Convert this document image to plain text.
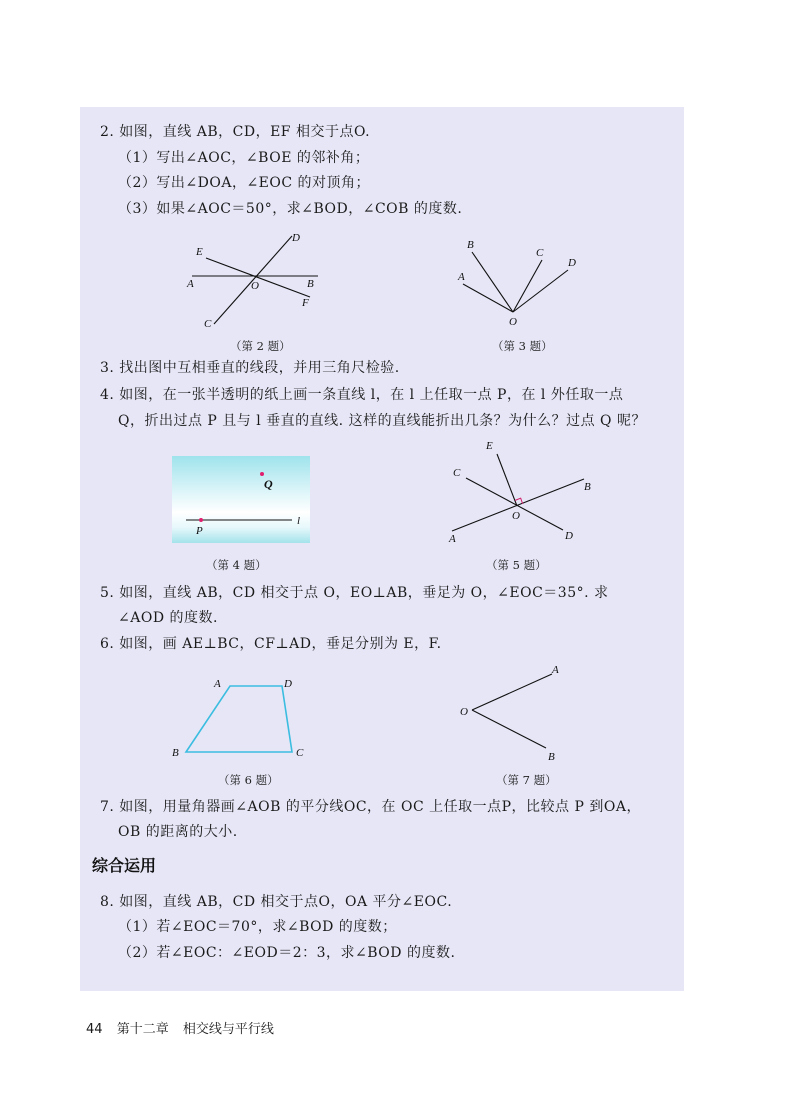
2. 如图，直线 AB，CD，EF 相交于点O.
（1）写出∠AOC，∠BOE 的邻补角；
（2）写出∠DOA，∠EOC 的对顶角；
（3）如果∠AOC＝50°，求∠BOD，∠COB 的度数.
A	B
C
D
E
F
O
（第 2 题）
A
B
C
D
O
（第 3 题）
3. 找出图中互相垂直的线段，并用三角尺检验.
4. 如图，在一张半透明的纸上画一条直线 l，在 l 上任取一点 P，在 l 外任取一点
Q，折出过点 P 且与 l 垂直的直线. 这样的直线能折出几条？为什么？过点 Q 呢？
Q
P
l
（第 4 题）
A
B
C
D
E
O
（第 5 题）
5. 如图，直线 AB，CD 相交于点 O，EO⊥AB，垂足为 O，∠EOC＝35°. 求
∠AOD 的度数.
6. 如图，画 AE⊥BC，CF⊥AD，垂足分别为 E，F.
A	D
B	C
（第 6 题）
A
B
O
（第 7 题）
7. 如图，用量角器画∠AOB 的平分线OC，在 OC 上任取一点P，比较点 P 到OA，
OB 的距离的大小.
综合运用
8. 如图，直线 AB，CD 相交于点O，OA 平分∠EOC.
（1）若∠EOC＝70°，求∠BOD 的度数；
（2）若∠EOC：∠EOD＝2：3，求∠BOD 的度数.
44 第十二章 相交线与平行线
